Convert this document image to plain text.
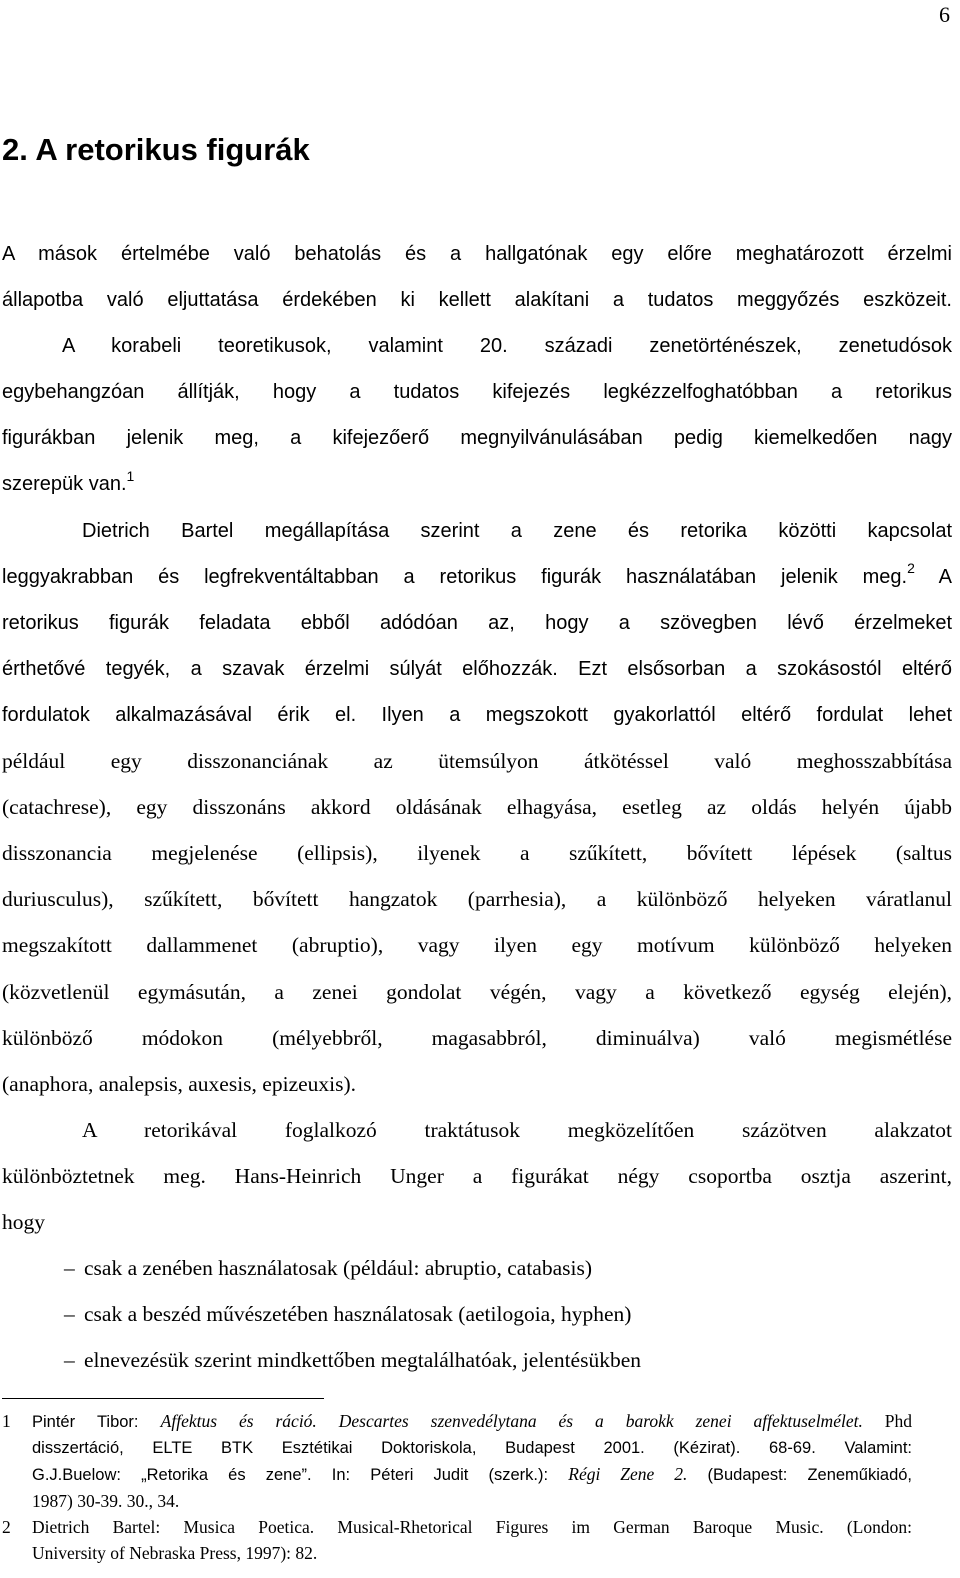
6
2. A retorikus figurák

A mások értelmébe való behatolás és a hallgatónak egy előre meghatározott érzelmi

állapotba való eljuttatása érdekében ki kellett alakítani a tudatos meggyőzés eszközeit.

A korabeli teoretikusok, valamint 20. századi zenetörténészek, zenetudósok

egybehangzóan állítják, hogy a tudatos kifejezés legkézzelfoghatóbban a retorikus

figurákban jelenik meg, a kifejezőerő megnyilvánulásában pedig kiemelkedően nagy

szerepük van.$^1$

Dietrich Bartel megállapítása szerint a zene és retorika közötti kapcsolat

leggyakrabban és legfrekventáltabban a retorikus figurák használatában jelenik meg.$^2$ A

retorikus figurák feladata ebből adódóan az, hogy a szövegben lévő érzelmeket

érthetővé tegyék, a szavak érzelmi súlyát előhozzák. Ezt elsősorban a szokásostól eltérő

fordulatok alkalmazásával érik el. Ilyen a megszokott gyakorlattól eltérő fordulat lehet

például egy disszonanciának az ütemsúlyon átkötéssel való meghosszabbítása

(catachrese), egy disszonáns akkord oldásának elhagyása, esetleg az oldás helyén újabb

disszonancia megjelenése (ellipsis), ilyenek a szűkített, bővített lépések (saltus

duriusculus), szűkített, bővített hangzatok (parrhesia), a különböző helyeken váratlanul

megszakított dallammenet (abruptio), vagy ilyen egy motívum különböző helyeken

(közvetlenül egymásután, a zenei gondolat végén, vagy a következő egység elején),

különböző módokon (mélyebbről, magasabbról, diminuálva) való megismétlése

(anaphora, analepsis, auxesis, epizeuxis).

A retorikával foglalkozó traktátusok megközelítően százötven alakzatot

különböztetnek meg. Hans-Heinrich Unger a figurákat négy csoportba osztja aszerint,

hogy

– csak a zenében használatosak (például: abruptio, catabasis)
– csak a beszéd művészetében használatosak (aetilogoia, hyphen)
– elnevezésük szerint mindkettőben megtalálhatóak, jelentésükben
1	Pintér Tibor: Affektus és ráció. Descartes szenvedélytana és a barokk zenei affektuselmélet. Phd
disszertáció, ELTE BTK Esztétikai Doktoriskola, Budapest 2001. (Kézirat). 68-69. Valamint:
G.J.Buelow: „Retorika és zene”. In: Péteri Judit (szerk.): Régi Zene 2. (Budapest: Zeneműkiadó,
1987) 30-39. 30., 34.
2	Dietrich Bartel: Musica Poetica. Musical-Rhetorical Figures im German Baroque Music. (London:
University of Nebraska Press, 1997): 82.
